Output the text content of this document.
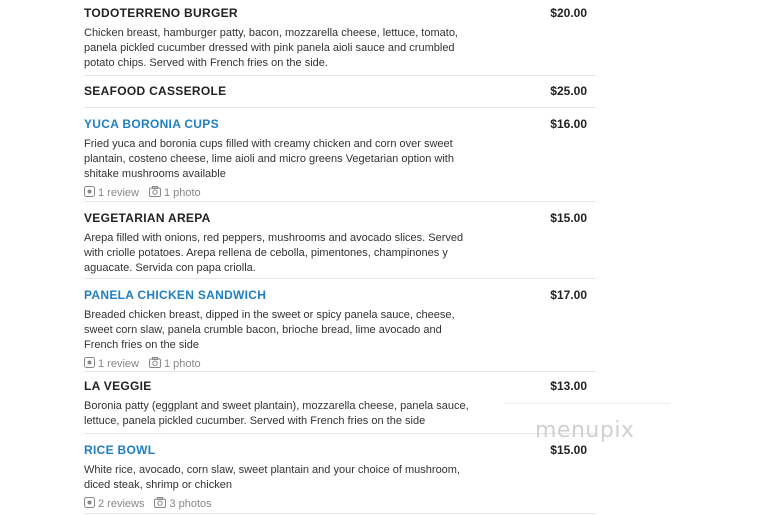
TODOTERRENO BURGER	$20.00
Chicken breast, hamburger patty, bacon, mozzarella cheese, lettuce, tomato, panela pickled cucumber dressed with pink panela aioli sauce and crumbled potato chips. Served with French fries on the side.
SEAFOOD CASSEROLE	$25.00
YUCA BORONIA CUPS	$16.00
Fried yuca and boronia cups filled with creamy chicken and corn over sweet plantain, costeno cheese, lime aioli and micro greens Vegetarian option with shitake mushrooms available
1 review	1 photo
VEGETARIAN AREPA	$15.00
Arepa filled with onions, red peppers, mushrooms and avocado slices. Served with criolle potatoes. Arepa rellena de cebolla, pimentones, champinones y aguacate. Servida con papa criolla.
PANELA CHICKEN SANDWICH	$17.00
Breaded chicken breast, dipped in the sweet or spicy panela sauce, cheese, sweet corn slaw, panela crumble bacon, brioche bread, lime avocado and French fries on the side
1 review	1 photo
LA VEGGIE	$13.00
Boronia patty (eggplant and sweet plantain), mozzarella cheese, panela sauce, lettuce, panela pickled cucumber. Served with French fries on the side
RICE BOWL	$15.00
White rice, avocado, corn slaw, sweet plantain and your choice of mushroom, diced steak, shrimp or chicken
2 reviews	3 photos
menupix
